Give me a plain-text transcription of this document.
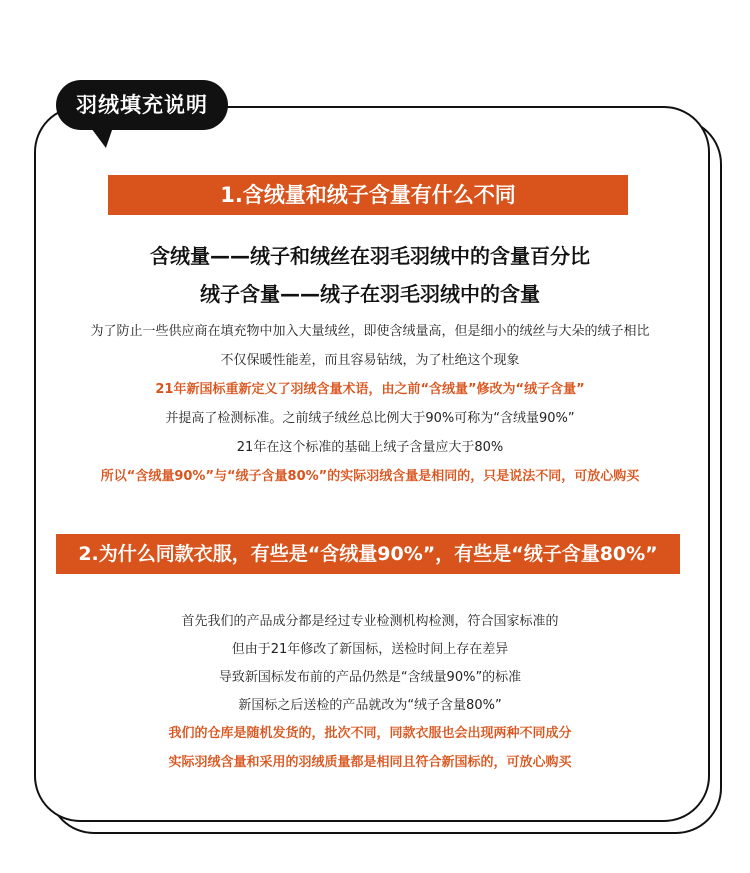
羽绒填充说明
1.含绒量和绒子含量有什么不同
含绒量——绒子和绒丝在羽毛羽绒中的含量百分比
绒子含量——绒子在羽毛羽绒中的含量
为了防止一些供应商在填充物中加入大量绒丝，即使含绒量高，但是细小的绒丝与大朵的绒子相比
不仅保暖性能差，而且容易钻绒，为了杜绝这个现象
21年新国标重新定义了羽绒含量术语，由之前“含绒量”修改为“绒子含量”
并提高了检测标准。之前绒子绒丝总比例大于90%可称为“含绒量90%”
21年在这个标准的基础上绒子含量应大于80%
所以“含绒量90%”与“绒子含量80%”的实际羽绒含量是相同的，只是说法不同，可放心购买
2.为什么同款衣服，有些是“含绒量90%”，有些是“绒子含量80%”
首先我们的产品成分都是经过专业检测机构检测，符合国家标准的
但由于21年修改了新国标，送检时间上存在差异
导致新国标发布前的产品仍然是“含绒量90%”的标准
新国标之后送检的产品就改为“绒子含量80%”
我们的仓库是随机发货的，批次不同，同款衣服也会出现两种不同成分
实际羽绒含量和采用的羽绒质量都是相同且符合新国标的，可放心购买
